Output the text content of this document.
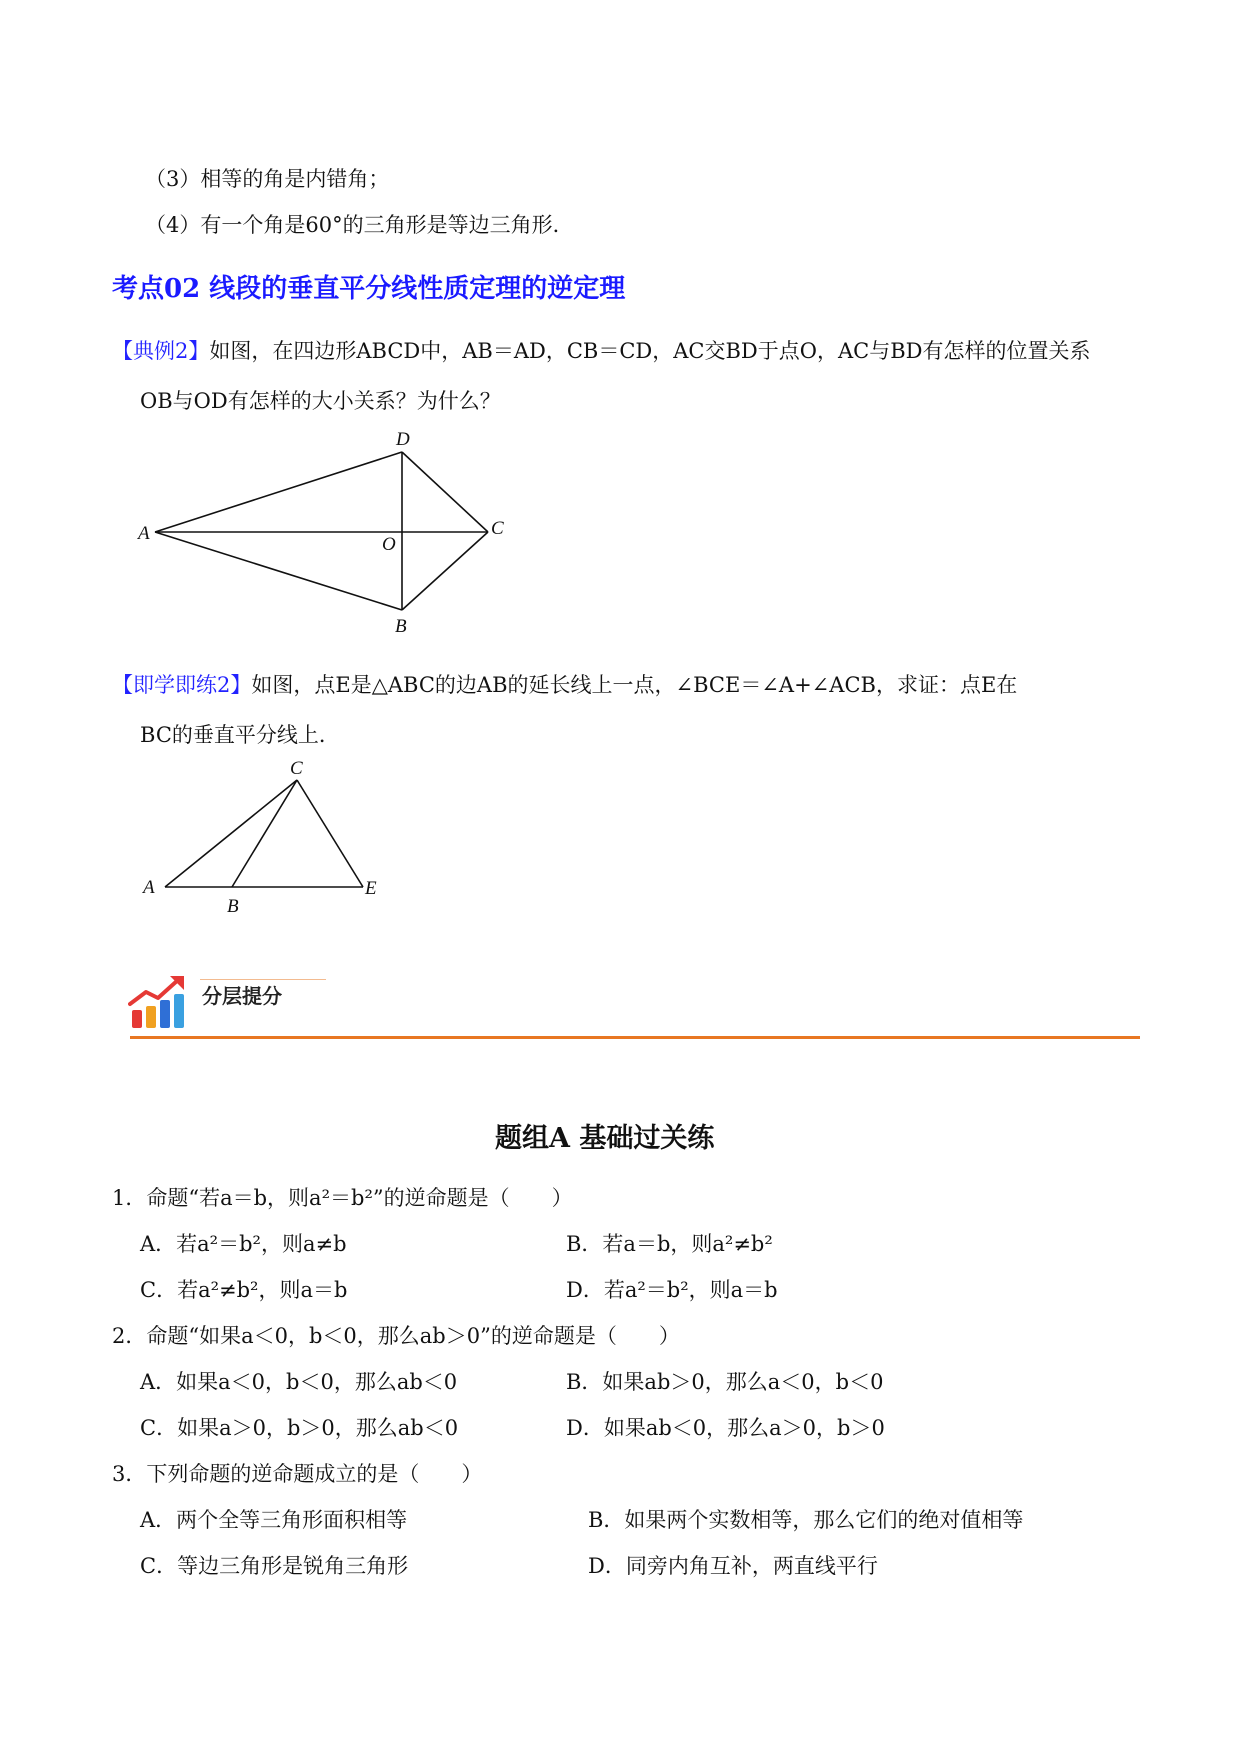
（3）相等的角是内错角；
（4）有一个角是60°的三角形是等边三角形．
考点02 线段的垂直平分线性质定理的逆定理
【典例2】如图，在四边形ABCD中，AB＝AD，CB＝CD，AC交BD于点O，AC与BD有怎样的位置关系
OB与OD有怎样的大小关系？为什么？
A
D
C
O
B
【即学即练2】如图，点E是△ABC的边AB的延长线上一点，∠BCE＝∠A+∠ACB，求证：点E在
BC的垂直平分线上．
C
A
B
E
分层提分
题组A 基础过关练
1．命题“若a＝b，则a²＝b²”的逆命题是（　　）
A．若a²＝b²，则a≠b	B．若a＝b，则a²≠b²
C．若a²≠b²，则a＝b	D．若a²＝b²，则a＝b
2．命题“如果a＜0，b＜0，那么ab＞0”的逆命题是（　　）
A．如果a＜0，b＜0，那么ab＜0	B．如果ab＞0，那么a＜0，b＜0
C．如果a＞0，b＞0，那么ab＜0	D．如果ab＜0，那么a＞0，b＞0
3．下列命题的逆命题成立的是（　　）
A．两个全等三角形面积相等	B．如果两个实数相等，那么它们的绝对值相等
C．等边三角形是锐角三角形	D．同旁内角互补，两直线平行
